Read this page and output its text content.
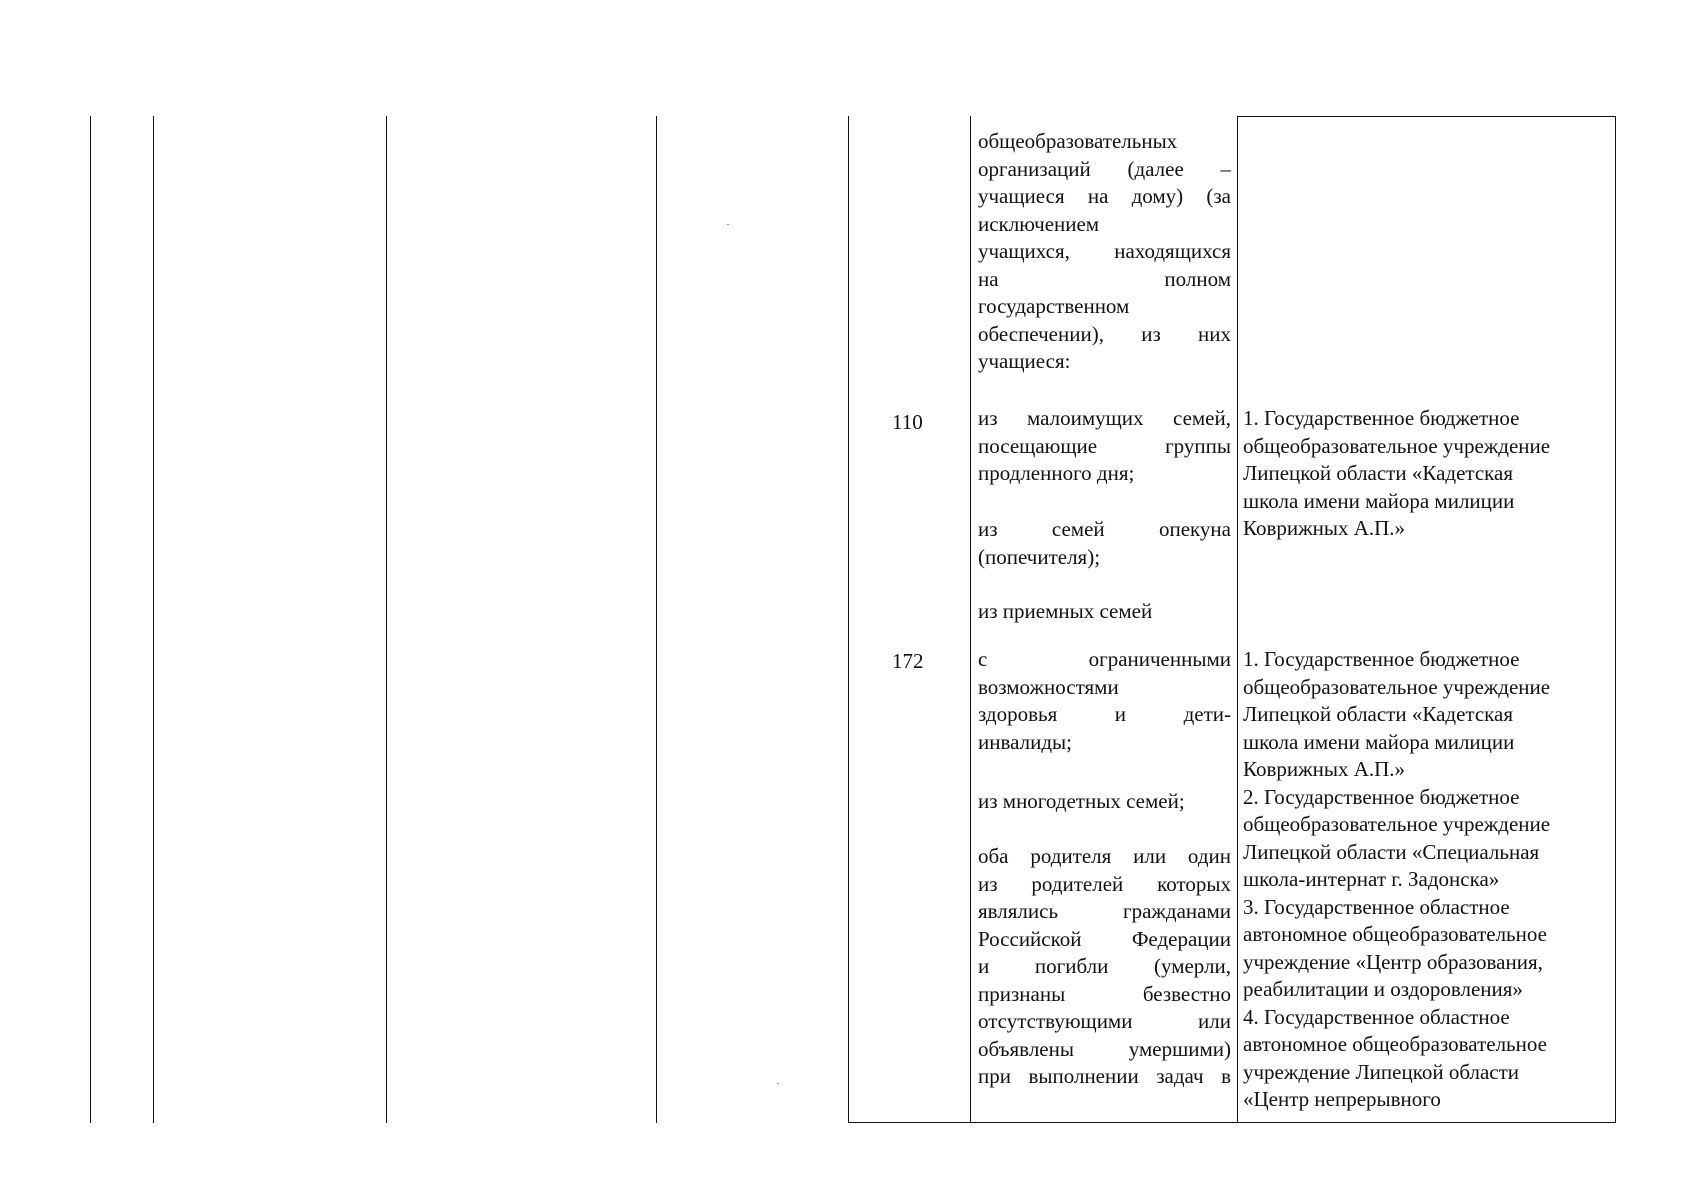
общеобразовательных
организаций (далее –
учащиеся на дому) (за
исключением
учащихся, находящихся
на полном
государственном
обеспечении), из них
учащиеся:
110	из малоимущих семей,
посещающие группы
продленного дня;
из семей опекуна
(попечителя);
из приемных семей
1. Государственное бюджетное
общеобразовательное учреждение
Липецкой области «Кадетская
школа имени майора милиции
Коврижных А.П.»
172	с ограниченными
возможностями
здоровья и дети-
инвалиды;
из многодетных семей;
оба родителя или один
из родителей которых
являлись гражданами
Российской Федерации
и погибли (умерли,
признаны безвестно
отсутствующими или
объявлены умершими)
при выполнении задач в
1. Государственное бюджетное
общеобразовательное учреждение
Липецкой области «Кадетская
школа имени майора милиции
Коврижных А.П.»
2. Государственное бюджетное
общеобразовательное учреждение
Липецкой области «Специальная
школа-интернат г. Задонска»
3. Государственное областное
автономное общеобразовательное
учреждение «Центр образования,
реабилитации и оздоровления»
4. Государственное областное
автономное общеобразовательное
учреждение Липецкой области
«Центр непрерывного
